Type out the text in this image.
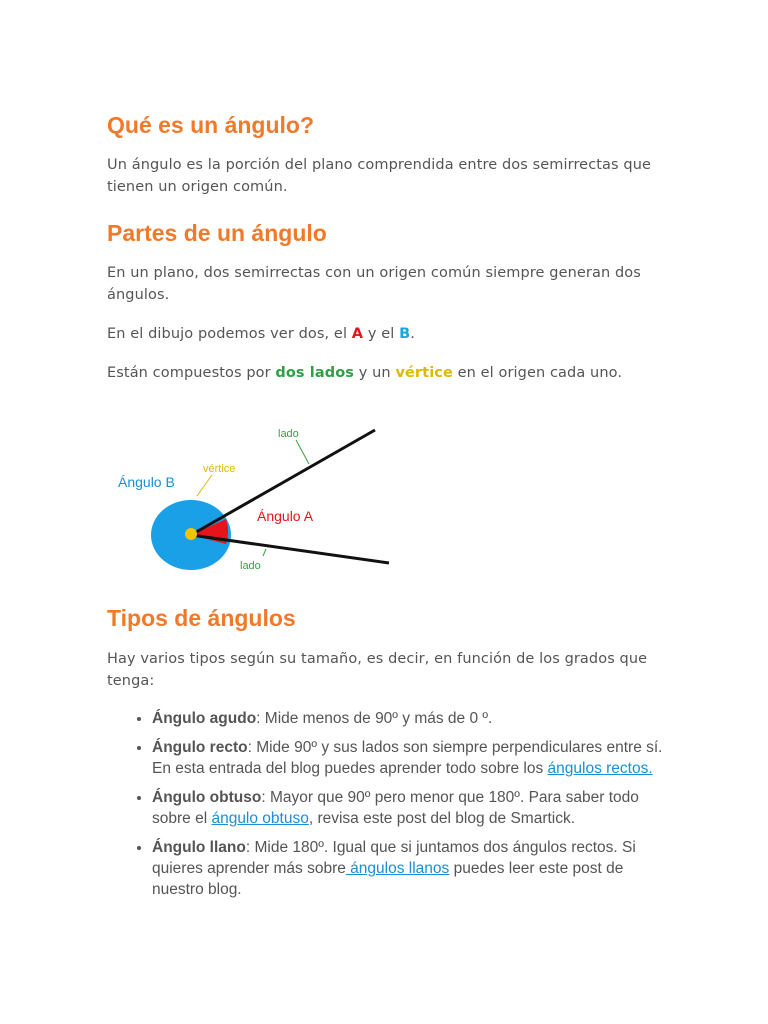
Qué es un ángulo?

Un ángulo es la porción del plano comprendida entre dos semirrectas que tienen un origen común.

Partes de un ángulo

En un plano, dos semirrectas con un origen común siempre generan dos ángulos.

En el dibujo podemos ver dos, el A y el B.

Están compuestos por dos lados y un vértice en el origen cada uno.

lado
vértice
Ángulo B
Ángulo A
lado
Tipos de ángulos

Hay varios tipos según su tamaño, es decir, en función de los grados que tenga:

• Ángulo agudo: Mide menos de 90º y más de 0 º.
• Ángulo recto: Mide 90º y sus lados son siempre perpendiculares entre sí. En esta entrada del blog puedes aprender todo sobre los ángulos rectos.
• Ángulo obtuso: Mayor que 90º pero menor que 180º. Para saber todo sobre el ángulo obtuso, revisa este post del blog de Smartick.
• Ángulo llano: Mide 180º. Igual que si juntamos dos ángulos rectos. Si quieres aprender más sobre ángulos llanos puedes leer este post de nuestro blog.
